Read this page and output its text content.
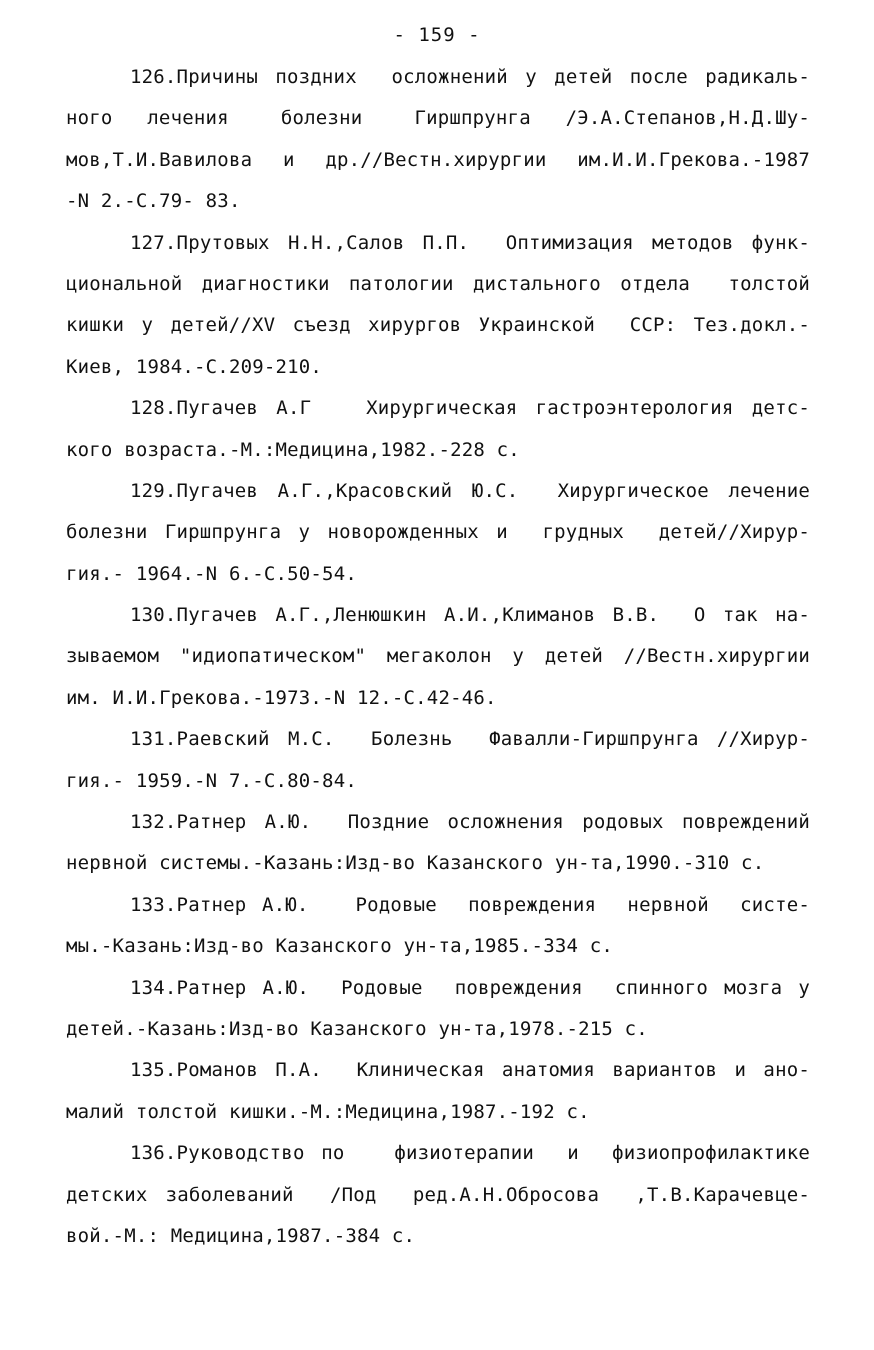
- 159 -
126.Причины поздних  осложнений у детей после радикаль-
ного  лечения   болезни   Гиршпрунга  /Э.А.Степанов,Н.Д.Шу-
мов,Т.И.Вавилова и др.//Вестн.хирургии им.И.И.Грекова.-1987
-N 2.-С.79- 83.
127.Прутовых Н.Н.,Салов П.П.  Оптимизация методов функ-
циональной диагностики патологии дистального отдела  толстой
кишки у детей//XV съезд хирургов Украинской  ССР: Тез.докл.-
Киев, 1984.-С.209-210.
128.Пугачев А.Г   Хирургическая гастроэнтерология детс-
кого возраста.-М.:Медицина,1982.-228 с.
129.Пугачев А.Г.,Красовский Ю.С.  Хирургическое лечение
болезни Гиршпрунга у новорожденных и  грудных  детей//Хирур-
гия.- 1964.-N 6.-С.50-54.
130.Пугачев А.Г.,Ленюшкин А.И.,Климанов В.В.  О так на-
зываемом "идиопатическом" мегаколон у детей //Вестн.хирургии
им. И.И.Грекова.-1973.-N 12.-С.42-46.
131.Раевский М.С.  Болезнь  Фавалли-Гиршпрунга //Хирур-
гия.- 1959.-N 7.-С.80-84.
132.Ратнер А.Ю.  Поздние осложнения родовых повреждений
нервной системы.-Казань:Изд-во Казанского ун-та,1990.-310 с.
133.Ратнер А.Ю.   Родовые  повреждения  нервной  систе-
мы.-Казань:Изд-во Казанского ун-та,1985.-334 с.
134.Ратнер А.Ю.  Родовые  повреждения  спинного мозга у
детей.-Казань:Изд-во Казанского ун-та,1978.-215 с.
135.Романов П.А.  Клиническая анатомия вариантов и ано-
малий толстой кишки.-М.:Медицина,1987.-192 с.
136.Руководство по   физиотерапии  и  физиопрофилактике
детских заболеваний  /Под  ред.А.Н.Обросова  ,Т.В.Карачевце-
вой.-М.: Медицина,1987.-384 с.
